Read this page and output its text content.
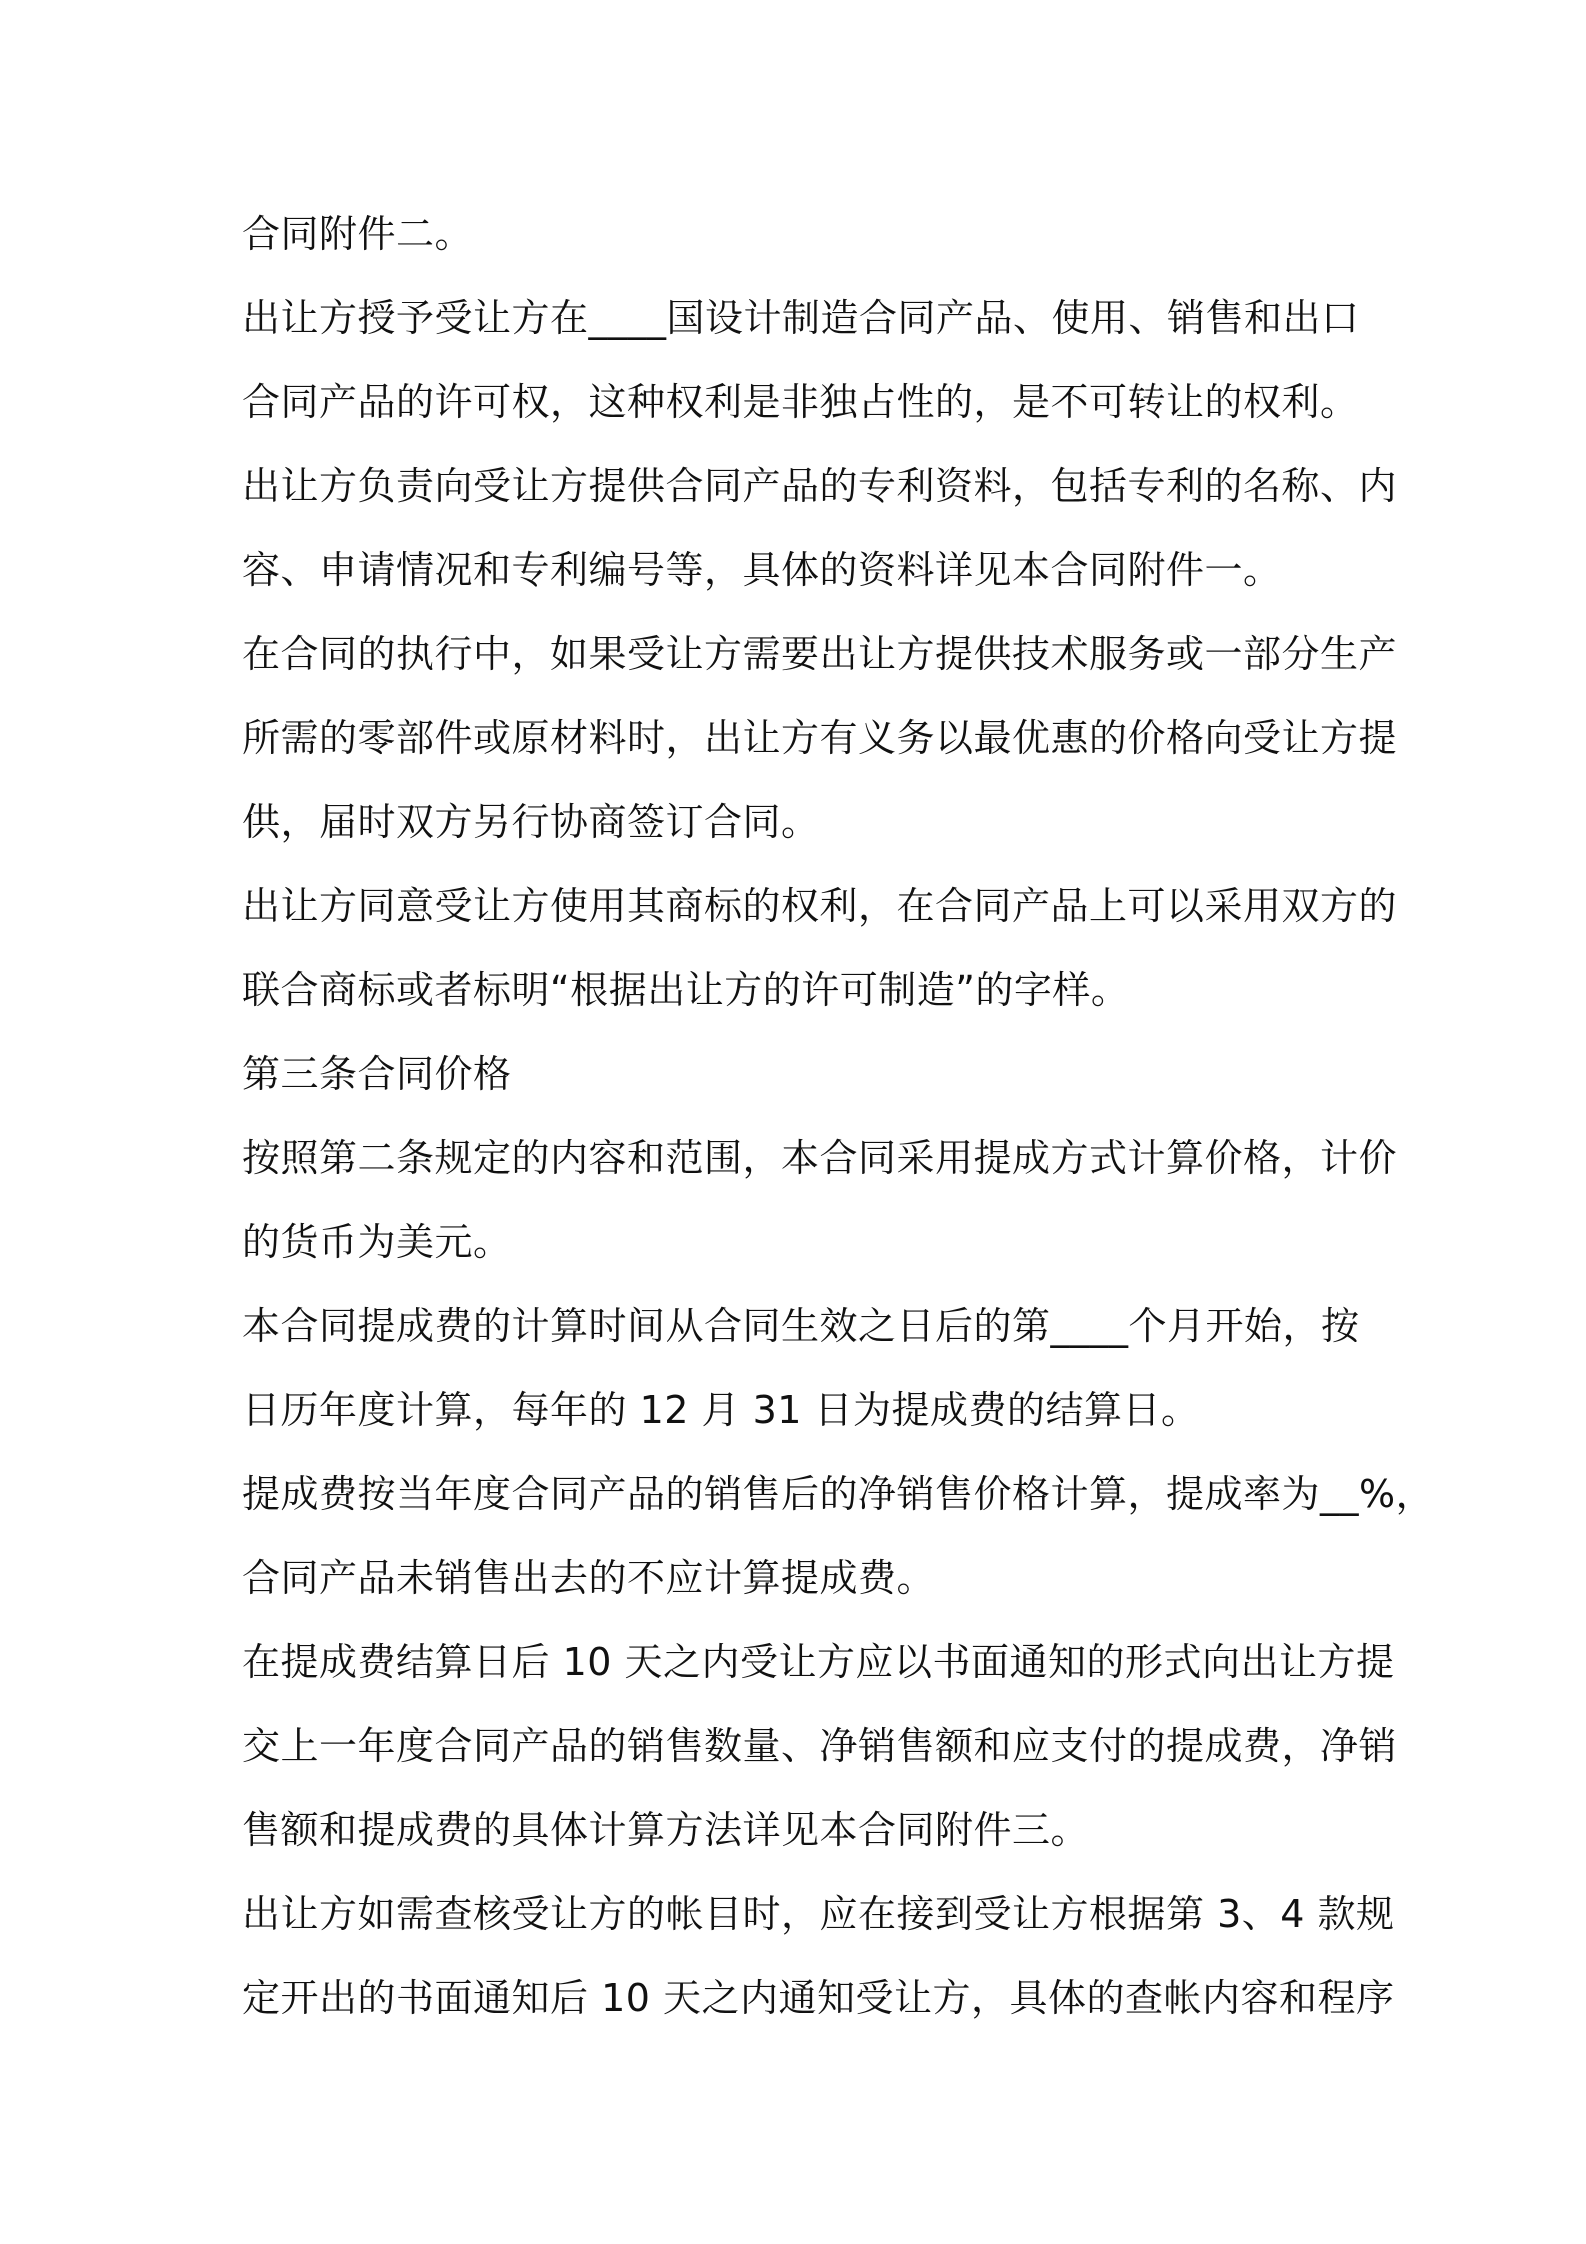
合同附件二。
出让方授予受让方在____国设计制造合同产品、使用、销售和出口
合同产品的许可权，这种权利是非独占性的，是不可转让的权利。
出让方负责向受让方提供合同产品的专利资料，包括专利的名称、内
容、申请情况和专利编号等，具体的资料详见本合同附件一。
在合同的执行中，如果受让方需要出让方提供技术服务或一部分生产
所需的零部件或原材料时，出让方有义务以最优惠的价格向受让方提
供，届时双方另行协商签订合同。
出让方同意受让方使用其商标的权利，在合同产品上可以采用双方的
联合商标或者标明“根据出让方的许可制造”的字样。
第三条合同价格
按照第二条规定的内容和范围，本合同采用提成方式计算价格，计价
的货币为美元。
本合同提成费的计算时间从合同生效之日后的第____个月开始，按
日历年度计算，每年的 12 月 31 日为提成费的结算日。
提成费按当年度合同产品的销售后的净销售价格计算，提成率为__%，
合同产品未销售出去的不应计算提成费。
在提成费结算日后 10 天之内受让方应以书面通知的形式向出让方提
交上一年度合同产品的销售数量、净销售额和应支付的提成费，净销
售额和提成费的具体计算方法详见本合同附件三。
出让方如需查核受让方的帐目时，应在接到受让方根据第 3、4 款规
定开出的书面通知后 10 天之内通知受让方，具体的查帐内容和程序
